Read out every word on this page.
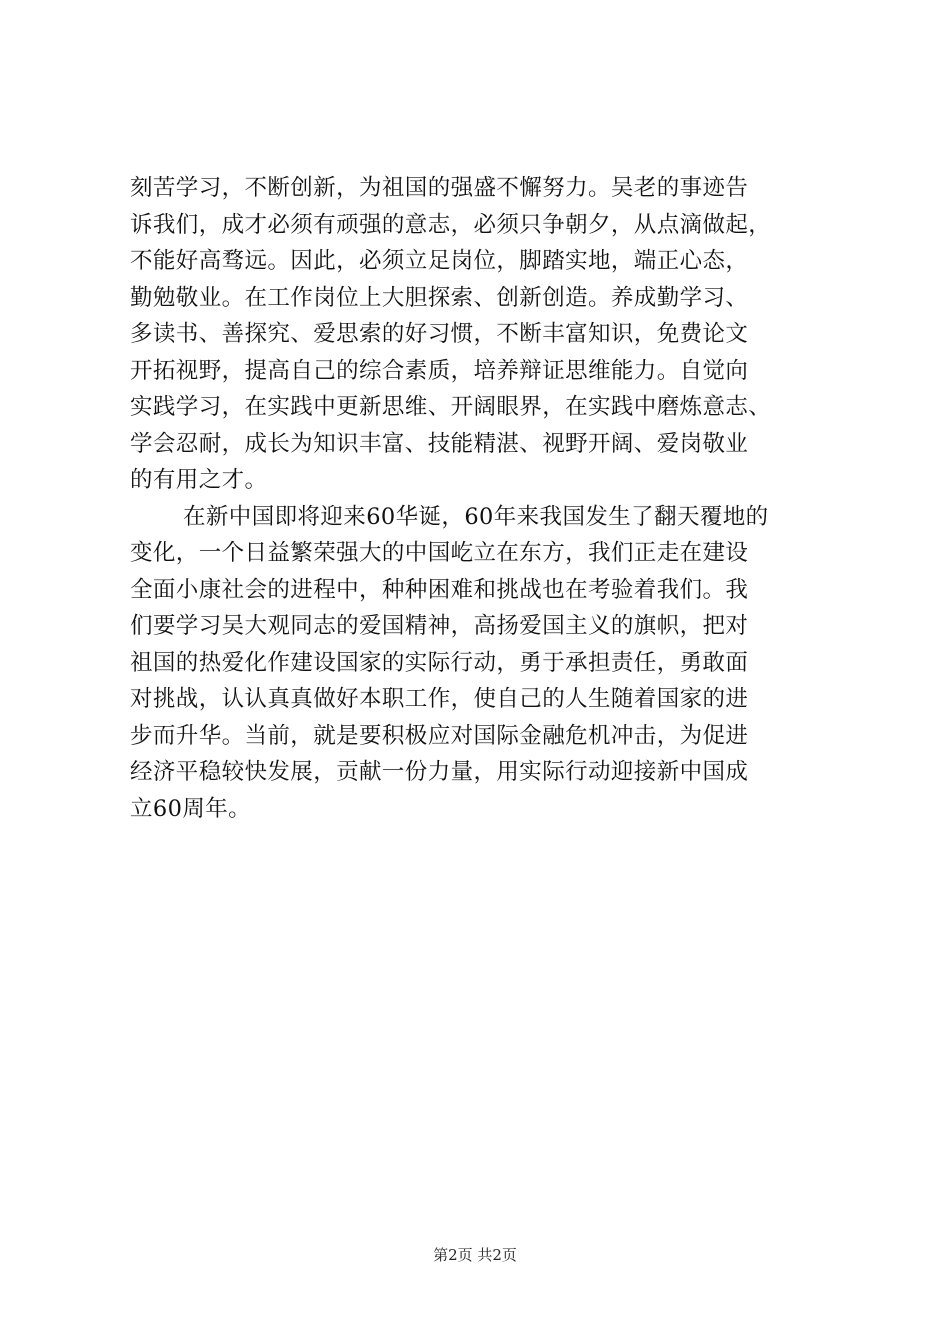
刻苦学习，不断创新，为祖国的强盛不懈努力。吴老的事迹告
诉我们，成才必须有顽强的意志，必须只争朝夕，从点滴做起，
不能好高骛远。因此，必须立足岗位，脚踏实地，端正心态，
勤勉敬业。在工作岗位上大胆探索、创新创造。养成勤学习、
多读书、善探究、爱思索的好习惯，不断丰富知识，免费论文
开拓视野，提高自己的综合素质，培养辩证思维能力。自觉向
实践学习，在实践中更新思维、开阔眼界，在实践中磨炼意志、
学会忍耐，成长为知识丰富、技能精湛、视野开阔、爱岗敬业
的有用之才。
在新中国即将迎来60华诞，60年来我国发生了翻天覆地的
变化，一个日益繁荣强大的中国屹立在东方，我们正走在建设
全面小康社会的进程中，种种困难和挑战也在考验着我们。我
们要学习吴大观同志的爱国精神，高扬爱国主义的旗帜，把对
祖国的热爱化作建设国家的实际行动，勇于承担责任，勇敢面
对挑战，认认真真做好本职工作，使自己的人生随着国家的进
步而升华。当前，就是要积极应对国际金融危机冲击，为促进
经济平稳较快发展，贡献一份力量，用实际行动迎接新中国成
立60周年。
第2页 共2页
